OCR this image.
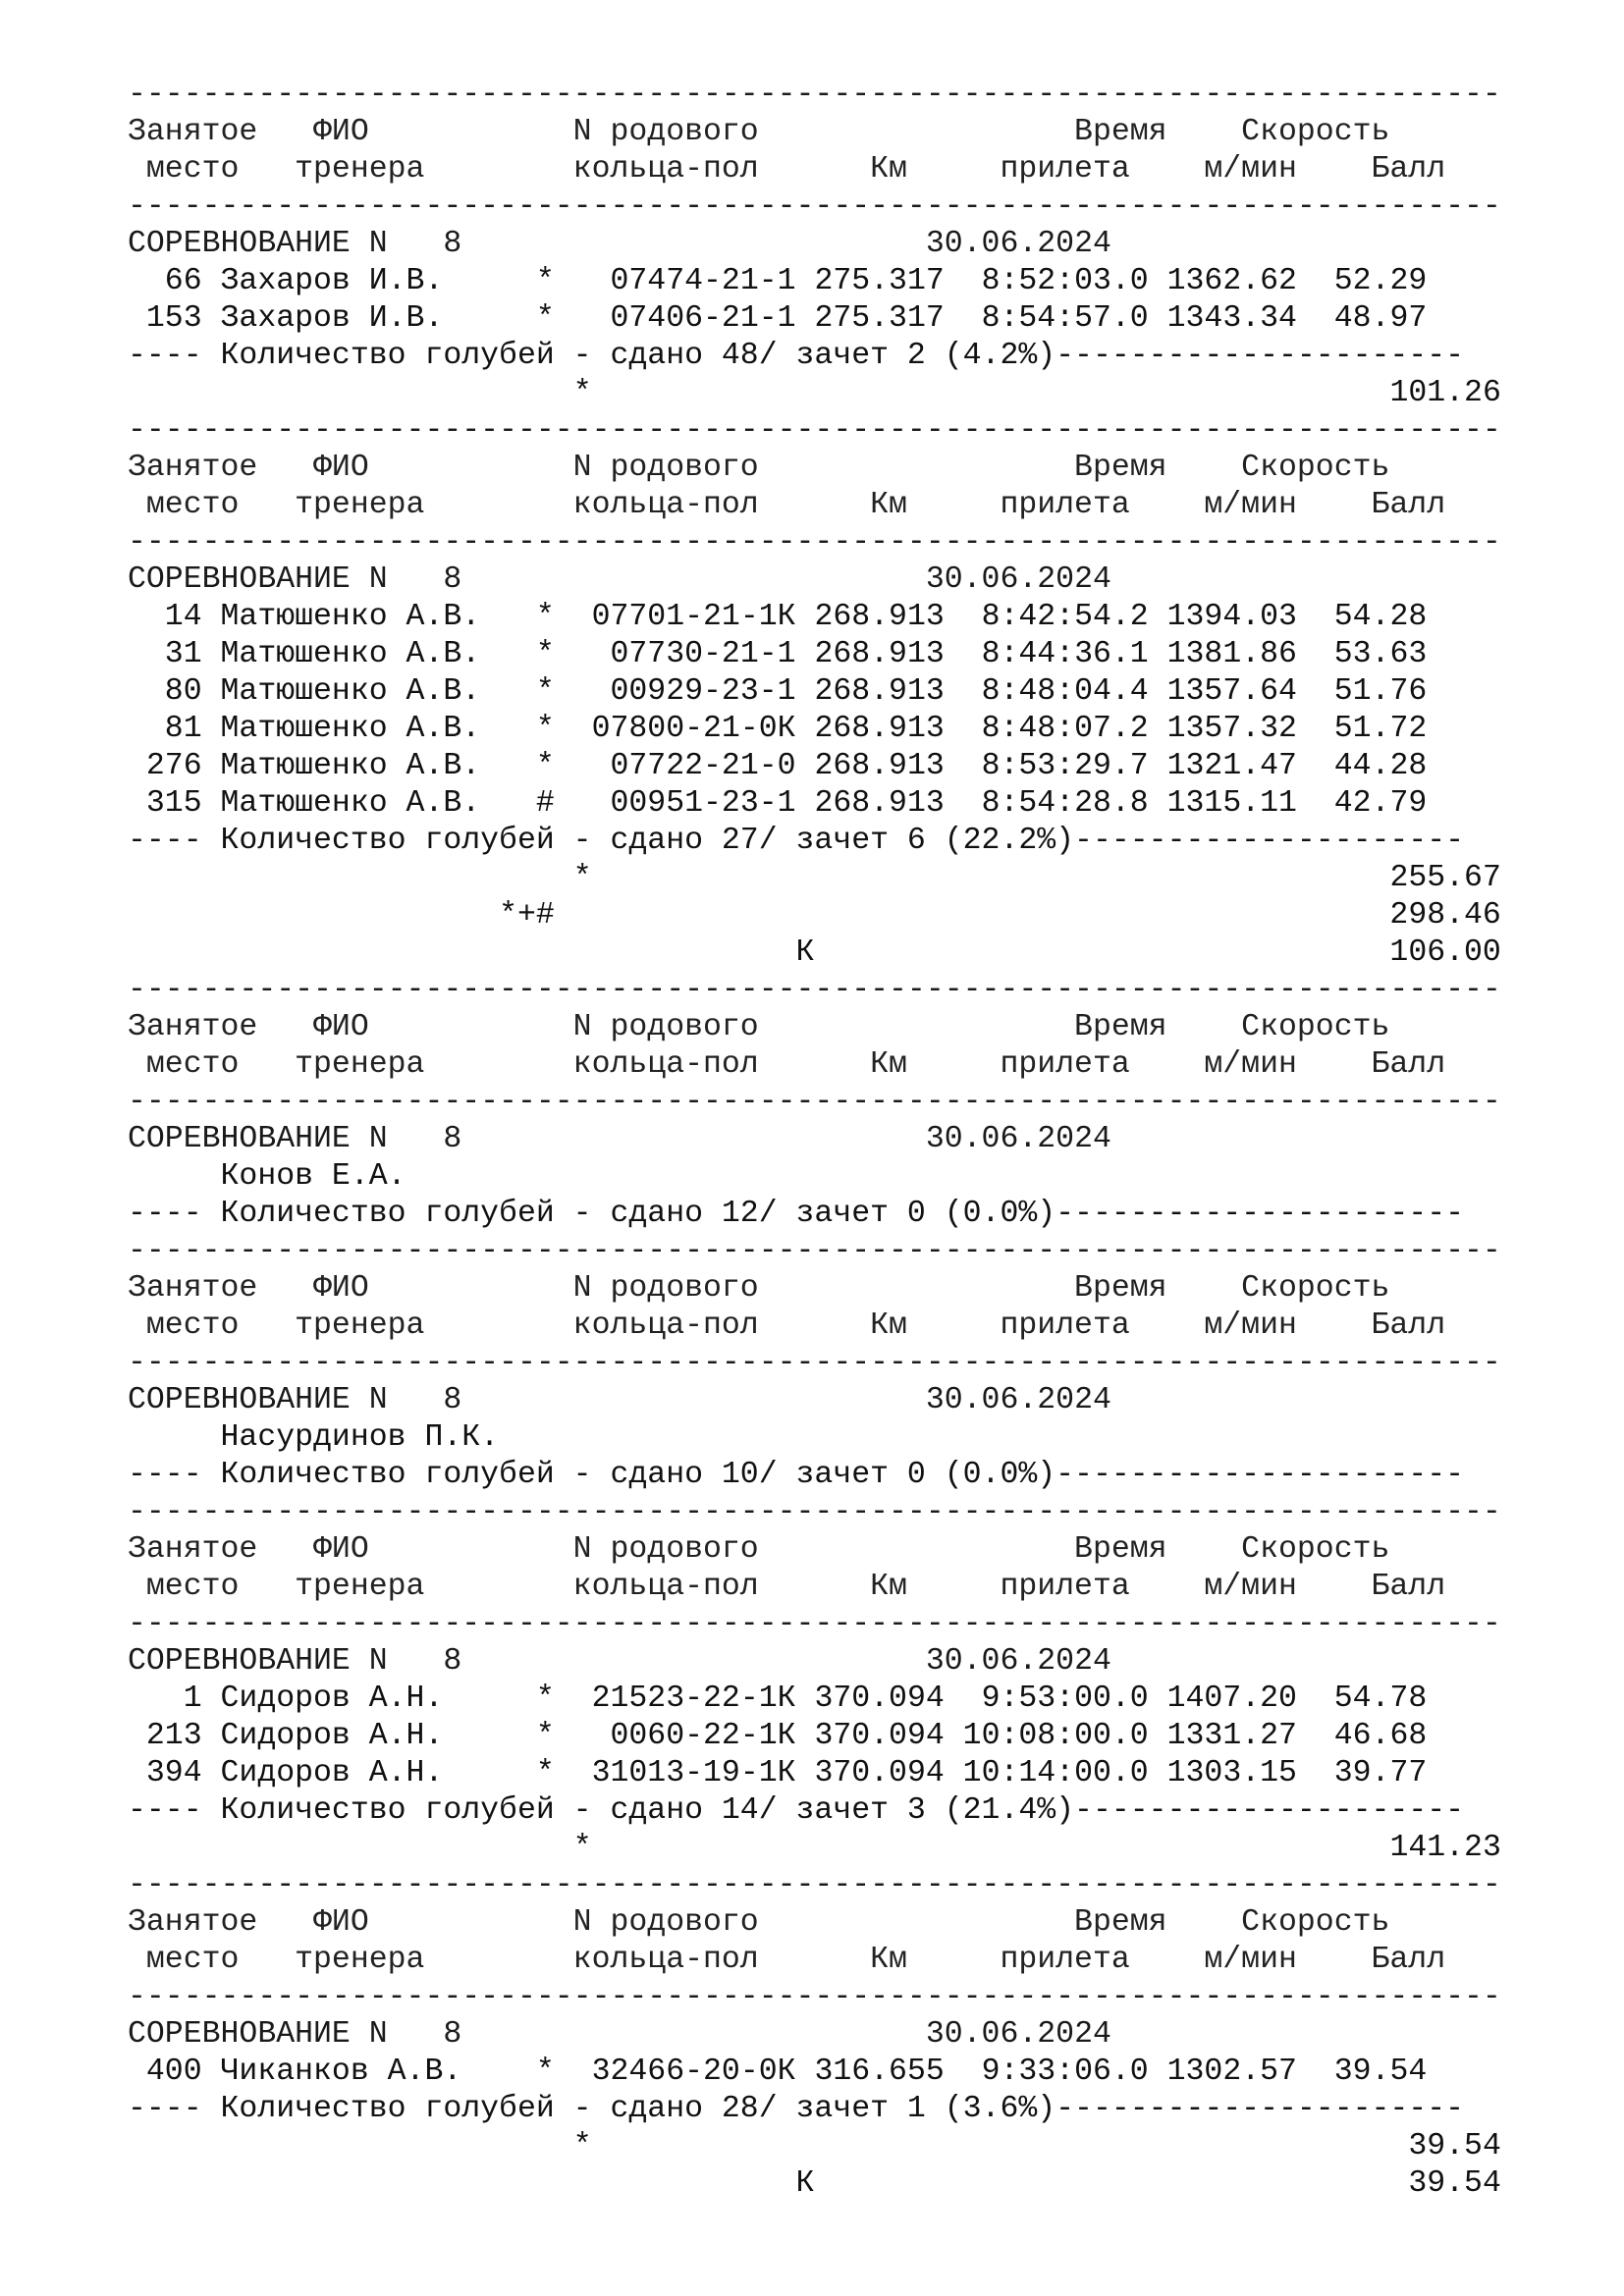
--------------------------------------------------------------------------
Занятое   ФИО           N родового                 Время    Скорость
место   тренера        кольца-пол      Км     прилета    м/мин    Балл
--------------------------------------------------------------------------
СОРЕВНОВАНИЕ N   8                         30.06.2024
66 Захаров И.В.     *   07474-21-1 275.317  8:52:03.0 1362.62  52.29
153 Захаров И.В.     *   07406-21-1 275.317  8:54:57.0 1343.34  48.97
---- Количество голубей - сдано 48/ зачет 2 (4.2%)----------------------
*	101.26
--------------------------------------------------------------------------
Занятое   ФИО           N родового                 Время    Скорость
место   тренера        кольца-пол      Км     прилета    м/мин    Балл
--------------------------------------------------------------------------
СОРЕВНОВАНИЕ N   8                         30.06.2024
14 Матюшенко А.В.   *  07701-21-1К 268.913  8:42:54.2 1394.03  54.28
31 Матюшенко А.В.   *   07730-21-1 268.913  8:44:36.1 1381.86  53.63
80 Матюшенко А.В.   *   00929-23-1 268.913  8:48:04.4 1357.64  51.76
81 Матюшенко А.В.   *  07800-21-0К 268.913  8:48:07.2 1357.32  51.72
276 Матюшенко А.В.   *   07722-21-0 268.913  8:53:29.7 1321.47  44.28
315 Матюшенко А.В.   #   00951-23-1 268.913  8:54:28.8 1315.11  42.79
---- Количество голубей - сдано 27/ зачет 6 (22.2%)---------------------
*	255.67
*+#	298.46
К	106.00
--------------------------------------------------------------------------
Занятое   ФИО           N родового                 Время    Скорость
место   тренера        кольца-пол      Км     прилета    м/мин    Балл
--------------------------------------------------------------------------
СОРЕВНОВАНИЕ N   8                         30.06.2024
Конов Е.А.
---- Количество голубей - сдано 12/ зачет 0 (0.0%)----------------------
--------------------------------------------------------------------------
Занятое   ФИО           N родового                 Время    Скорость
место   тренера        кольца-пол      Км     прилета    м/мин    Балл
--------------------------------------------------------------------------
СОРЕВНОВАНИЕ N   8                         30.06.2024
Насурдинов П.К.
---- Количество голубей - сдано 10/ зачет 0 (0.0%)----------------------
--------------------------------------------------------------------------
Занятое   ФИО           N родового                 Время    Скорость
место   тренера        кольца-пол      Км     прилета    м/мин    Балл
--------------------------------------------------------------------------
СОРЕВНОВАНИЕ N   8                         30.06.2024
1 Сидоров А.Н.     *  21523-22-1К 370.094  9:53:00.0 1407.20  54.78
213 Сидоров А.Н.     *   0060-22-1К 370.094 10:08:00.0 1331.27  46.68
394 Сидоров А.Н.     *  31013-19-1К 370.094 10:14:00.0 1303.15  39.77
---- Количество голубей - сдано 14/ зачет 3 (21.4%)---------------------
*	141.23
--------------------------------------------------------------------------
Занятое   ФИО           N родового                 Время    Скорость
место   тренера        кольца-пол      Км     прилета    м/мин    Балл
--------------------------------------------------------------------------
СОРЕВНОВАНИЕ N   8                         30.06.2024
400 Чиканков А.В.    *  32466-20-0К 316.655  9:33:06.0 1302.57  39.54
---- Количество голубей - сдано 28/ зачет 1 (3.6%)----------------------
*	39.54
К	39.54
